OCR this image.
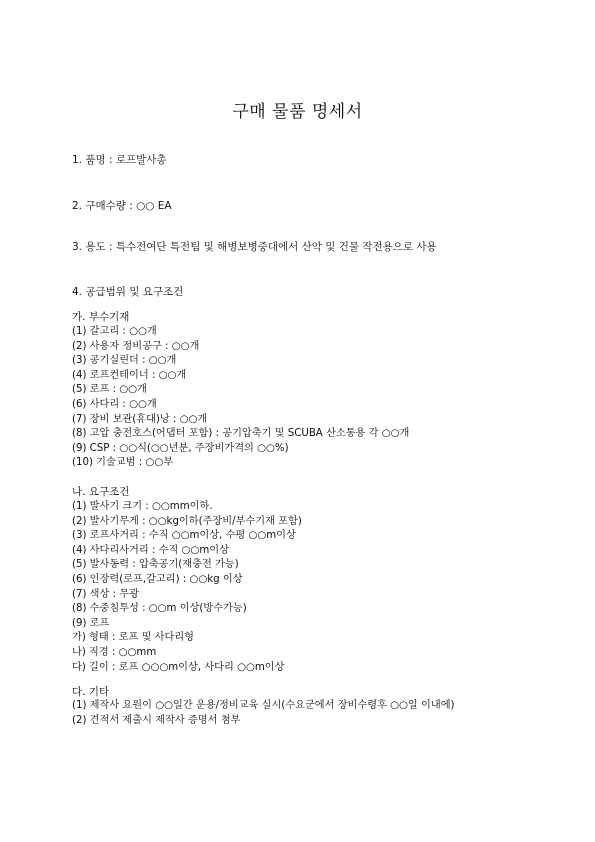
구매 물품 명세서
1. 품명 : 로프발사총
2. 구매수량 : ○○ EA
3. 용도 : 특수전여단 특전팀 및 해병보병중대에서 산악 및 건물 작전용으로 사용
4. 공급범위 및 요구조건
가. 부수기재
(1) 갈고리 : ○○개
(2) 사용자 정비공구 : ○○개
(3) 공기실린더 : ○○개
(4) 로프컨테이너 : ○○개
(5) 로프 : ○○개
(6) 사다리 : ○○개
(7) 장비 보관(휴대)낭 : ○○개
(8) 고압 충전호스(어댑터 포함) : 공기압축기 및 SCUBA 산소통용 각 ○○개
(9) CSP : ○○식(○○년분, 주장비가격의 ○○%)
(10) 기술교범 : ○○부
나. 요구조건
(1) 발사기 크기 : ○○mm이하.
(2) 발사기무게 : ○○kg이하(주장비/부수기재 포함)
(3) 로프사거리 : 수직 ○○m이상, 수평 ○○m이상
(4) 사다리사거리 : 수직 ○○m이상
(5) 발사동력 : 압축공기(재충전 가능)
(6) 인장력(로프,갈고리) : ○○kg 이상
(7) 색상 : 무광
(8) 수중침투성 : ○○m 이상(방수가능)
(9) 로프
가) 형태 : 로프 및 사다리형
나) 직경 : ○○mm
다) 길이 : 로프 ○○○m이상, 사다리 ○○m이상
다. 기타
(1) 제작사 요원이 ○○일간 운용/정비교육 실시(수요군에서 장비수령후 ○○일 이내에)
(2) 견적서 제출시 제작사 증명서 첨부
